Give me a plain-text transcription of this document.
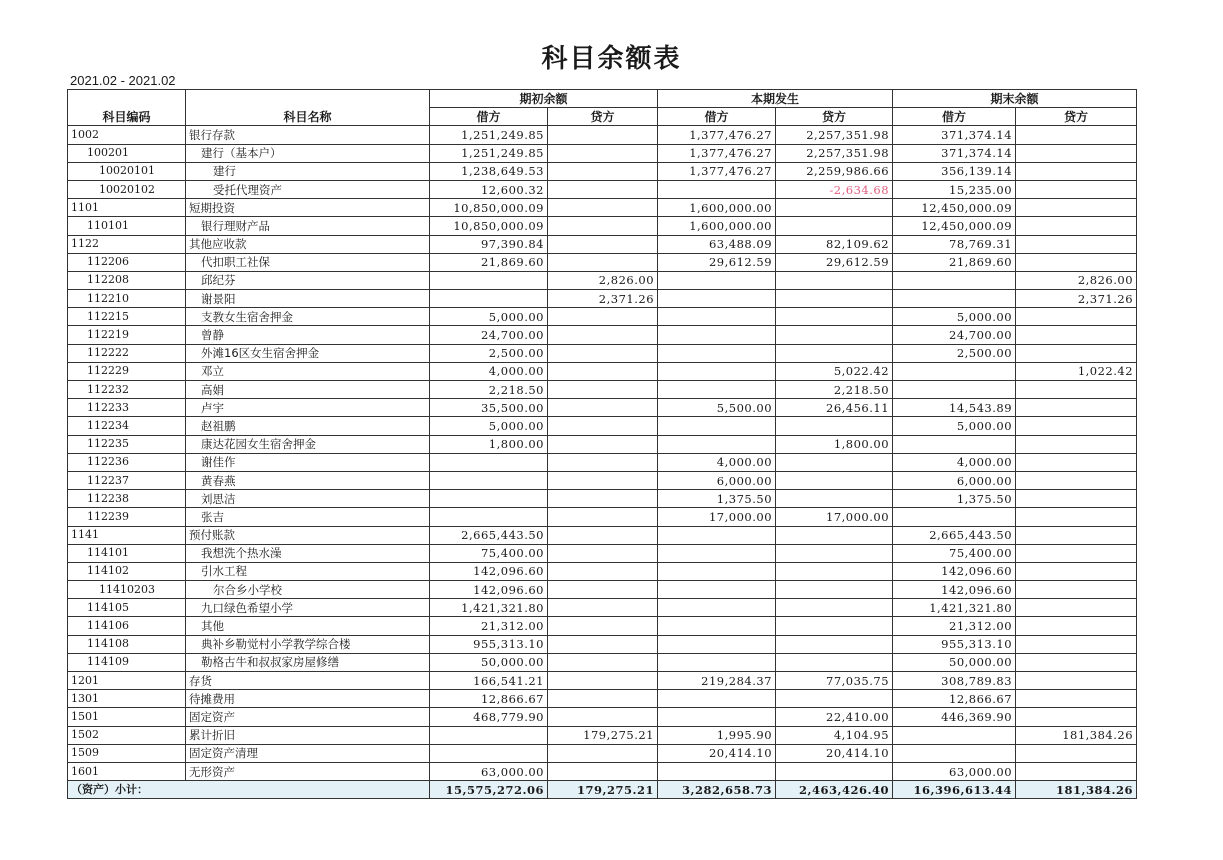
科目余额表
2021.02 - 2021.02
科目编码	科目名称	期初余额		本期发生		期末余额	
		借方	贷方	借方	贷方	借方	贷方
1002	银行存款	1,251,249.85		1,377,476.27	2,257,351.98	371,374.14	
100201	建行（基本户）	1,251,249.85		1,377,476.27	2,257,351.98	371,374.14	
10020101	建行	1,238,649.53		1,377,476.27	2,259,986.66	356,139.14	
10020102	受托代理资产	12,600.32			-2,634.68	15,235.00	
1101	短期投资	10,850,000.09		1,600,000.00		12,450,000.09	
110101	银行理财产品	10,850,000.09		1,600,000.00		12,450,000.09	
1122	其他应收款	97,390.84		63,488.09	82,109.62	78,769.31	
112206	代扣职工社保	21,869.60		29,612.59	29,612.59	21,869.60	
112208	邱纪芬		2,826.00				2,826.00
112210	谢景阳		2,371.26				2,371.26
112215	支教女生宿舍押金	5,000.00				5,000.00	
112219	曾静	24,700.00				24,700.00	
112222	外滩16区女生宿舍押金	2,500.00				2,500.00	
112229	邓立	4,000.00			5,022.42		1,022.42
112232	高娟	2,218.50			2,218.50		
112233	卢宇	35,500.00		5,500.00	26,456.11	14,543.89	
112234	赵祖鹏	5,000.00				5,000.00	
112235	康达花园女生宿舍押金	1,800.00			1,800.00		
112236	谢佳作			4,000.00		4,000.00	
112237	黄春燕			6,000.00		6,000.00	
112238	刘思洁			1,375.50		1,375.50	
112239	张吉			17,000.00	17,000.00		
1141	预付账款	2,665,443.50				2,665,443.50	
114101	我想洗个热水澡	75,400.00				75,400.00	
114102	引水工程	142,096.60				142,096.60	
11410203	尔合乡小学校	142,096.60				142,096.60	
114105	九口绿色希望小学	1,421,321.80				1,421,321.80	
114106	其他	21,312.00				21,312.00	
114108	典补乡勒觉村小学教学综合楼	955,313.10				955,313.10	
114109	勒格古牛和叔叔家房屋修缮	50,000.00				50,000.00	
1201	存货	166,541.21		219,284.37	77,035.75	308,789.83	
1301	待摊费用	12,866.67				12,866.67	
1501	固定资产	468,779.90			22,410.00	446,369.90	
1502	累计折旧		179,275.21	1,995.90	4,104.95		181,384.26
1509	固定资产清理			20,414.10	20,414.10		
1601	无形资产	63,000.00				63,000.00	
（资产）小计：		15,575,272.06	179,275.21	3,282,658.73	2,463,426.40	16,396,613.44	181,384.26
